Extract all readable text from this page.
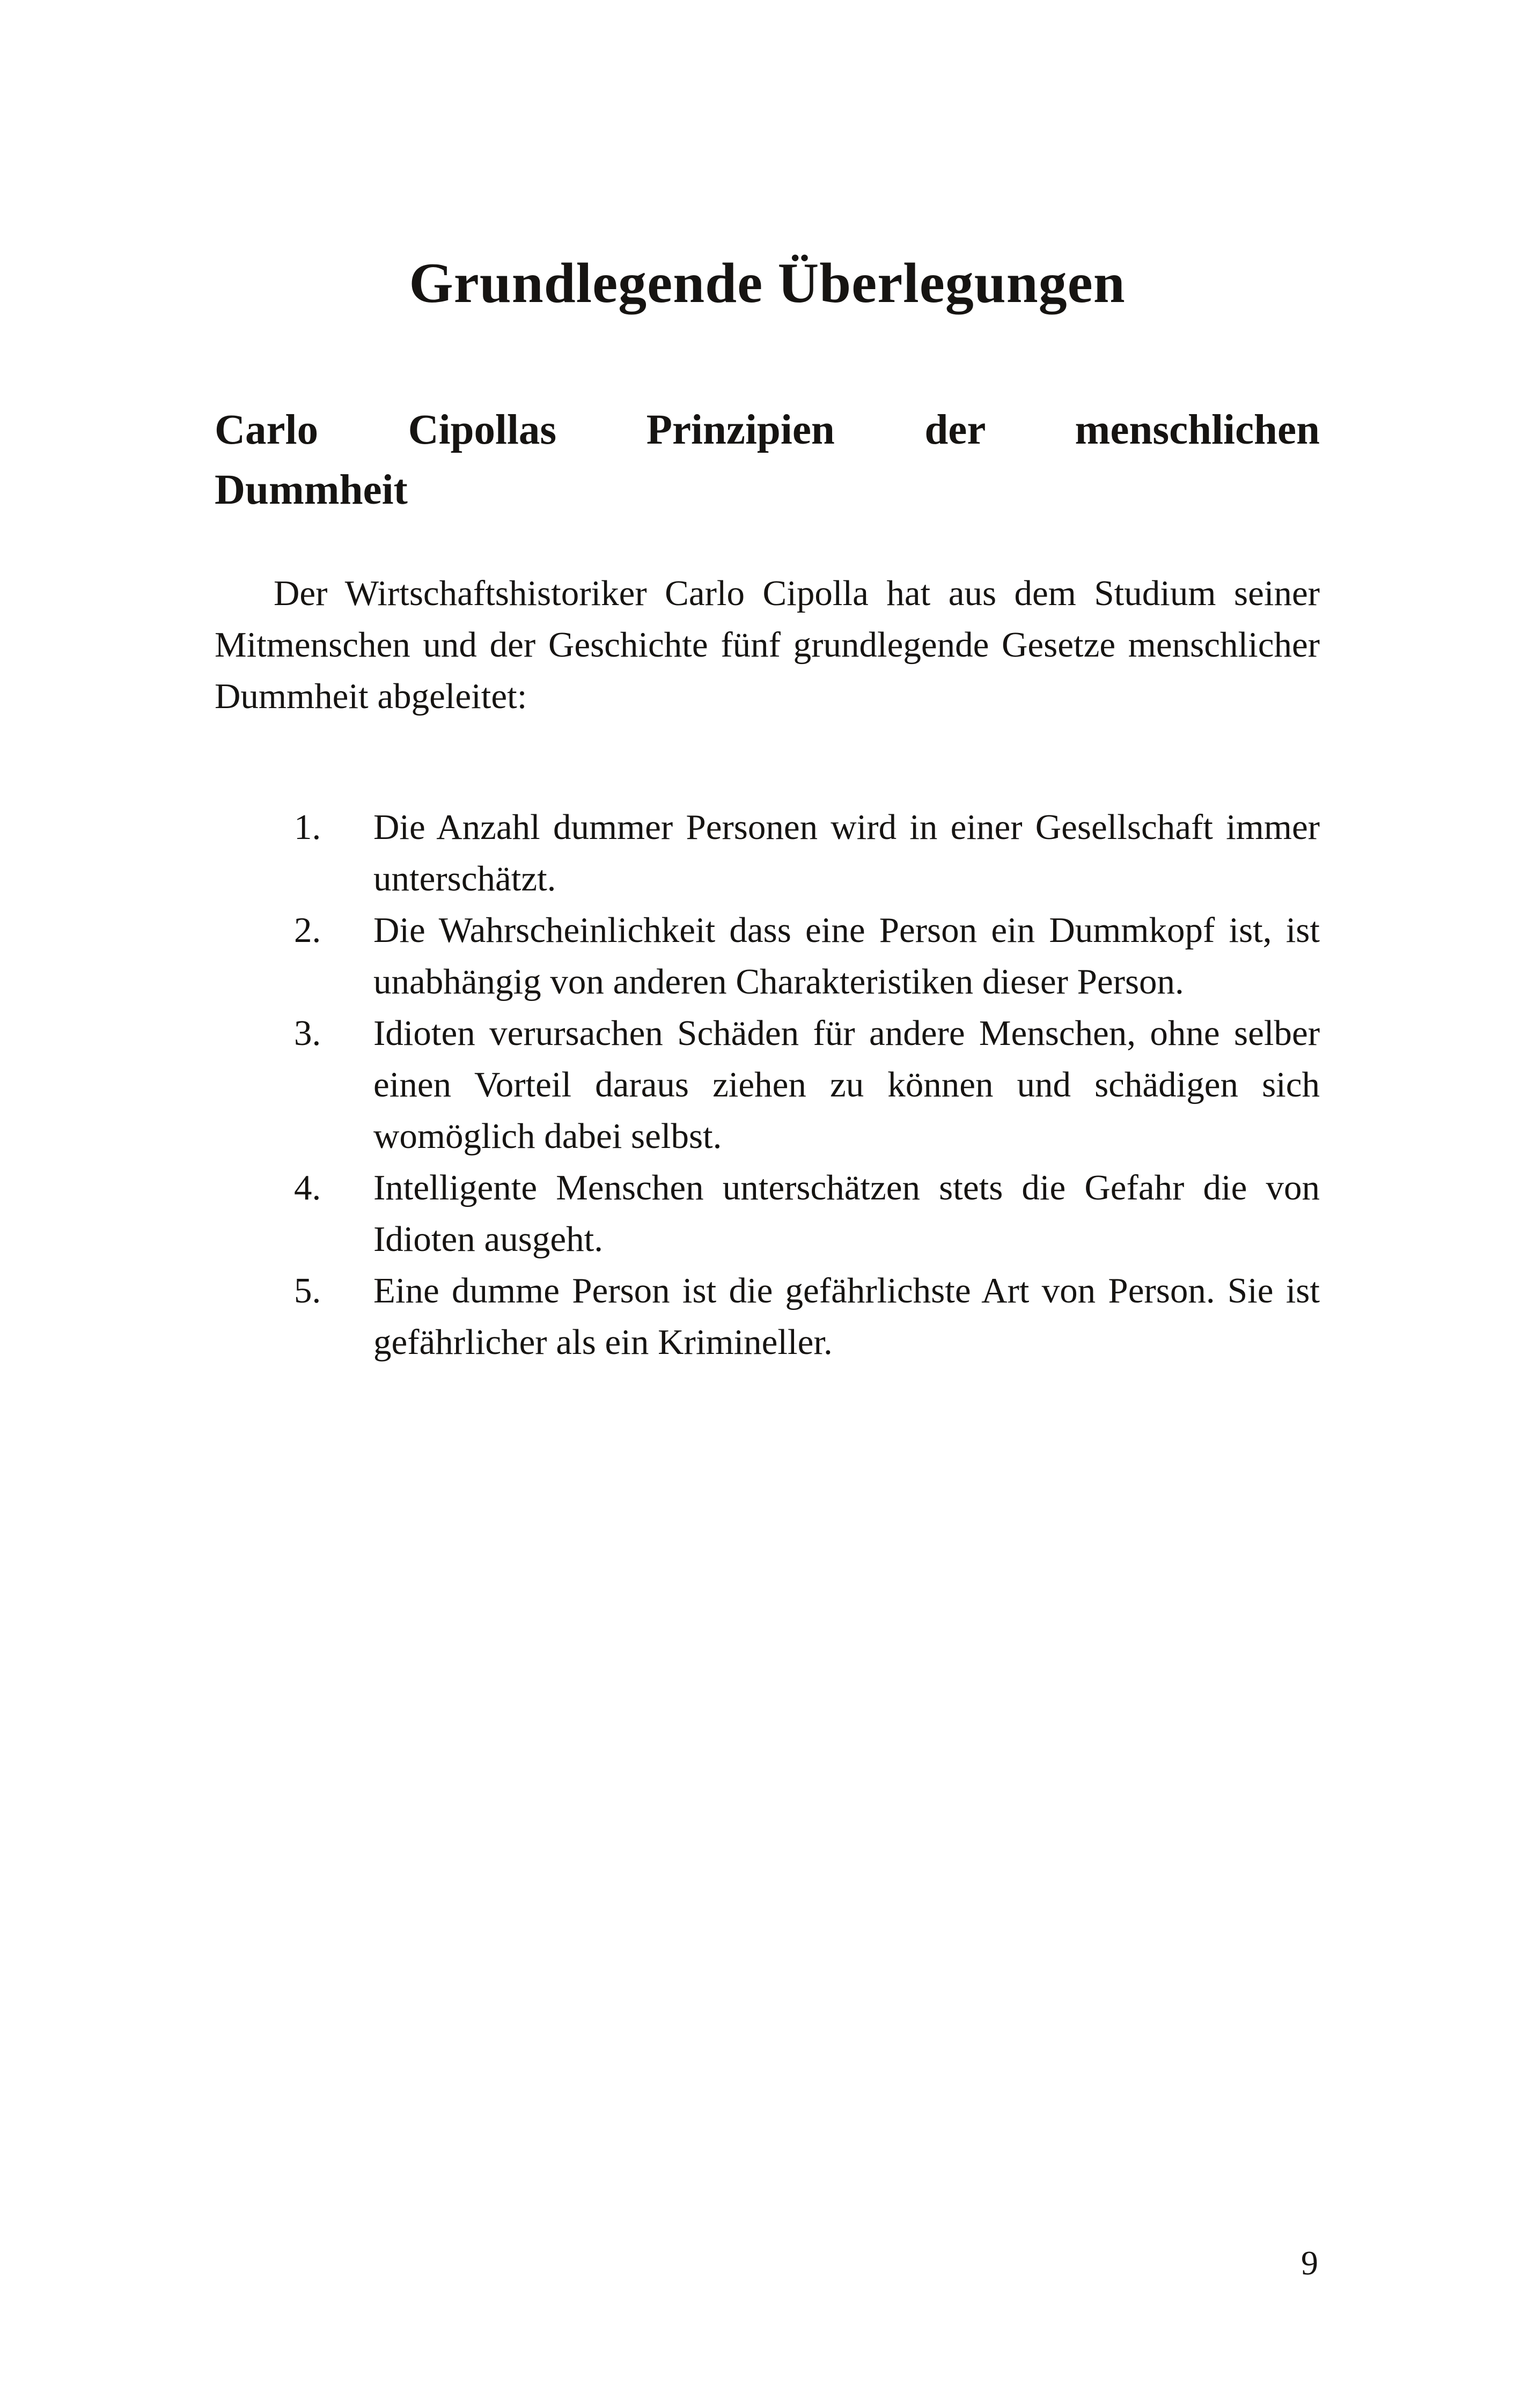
Grundlegende Überlegungen
Carlo Cipollas Prinzipien der menschlichen
Dummheit

Der Wirtschaftshistoriker Carlo Cipolla hat aus dem Studium seiner Mitmenschen und der Geschichte fünf grundlegende Gesetze menschlicher Dummheit abgeleitet:

1.	Die Anzahl dummer Personen wird in einer Gesellschaft immer unterschätzt.
2.	Die Wahrscheinlichkeit dass eine Person ein Dummkopf ist, ist unabhängig von anderen Charakteristiken dieser Person.
3.	Idioten verursachen Schäden für andere Menschen, ohne selber einen Vorteil daraus ziehen zu können und schädigen sich womöglich dabei selbst.
4.	Intelligente Menschen unterschätzen stets die Gefahr die von Idioten ausgeht.
5.	Eine dumme Person ist die gefährlichste Art von Person. Sie ist gefährlicher als ein Krimineller.
9
